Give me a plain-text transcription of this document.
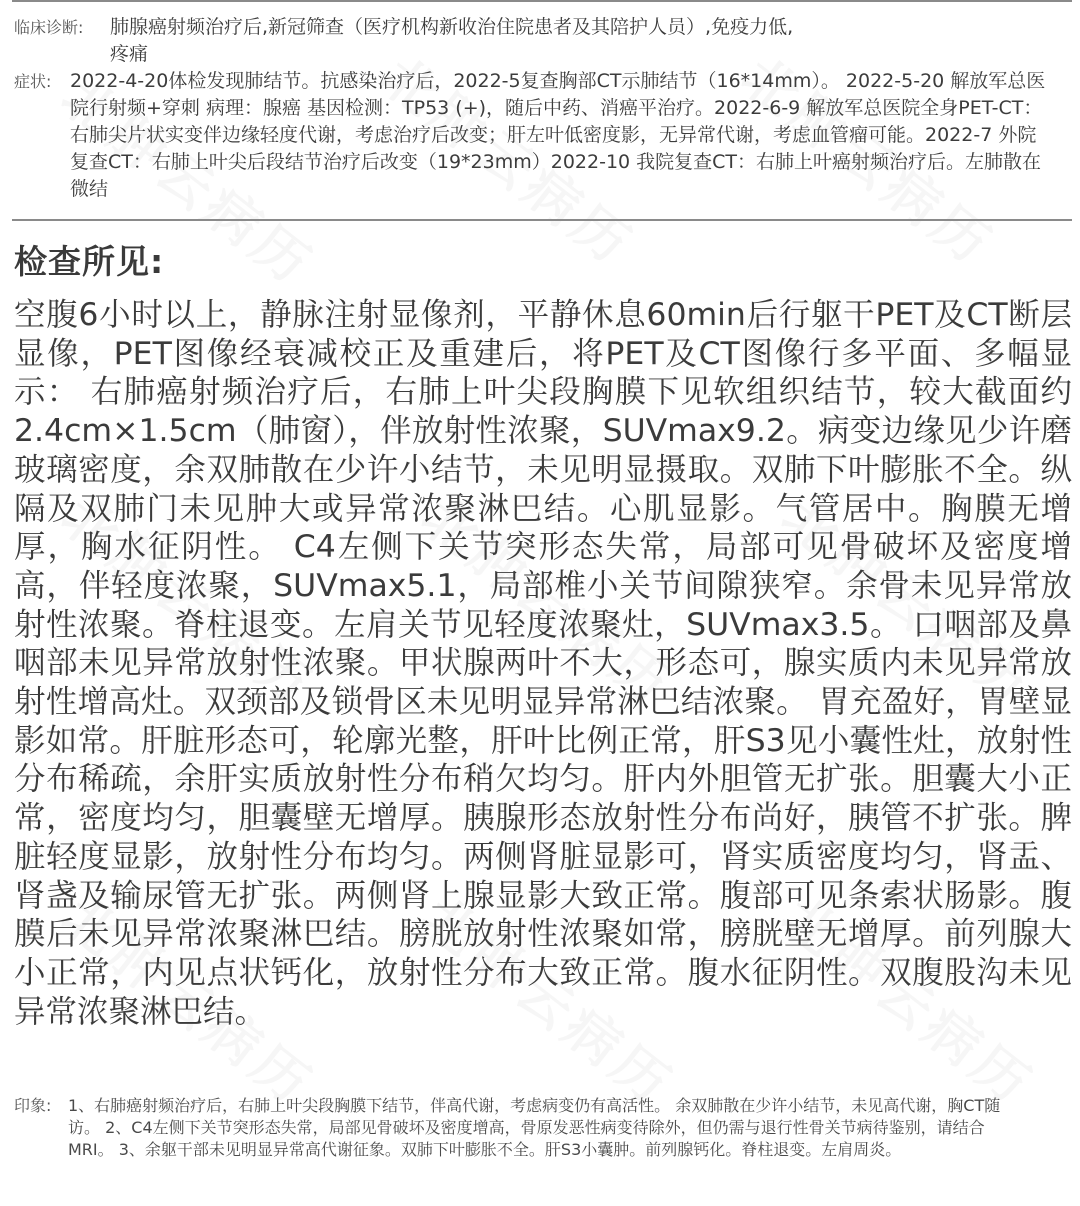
临床诊断:	肺腺癌射频治疗后,新冠筛查（医疗机构新收治住院患者及其陪护人员）,免疫力低,疼痛
症状: 2022-4-20体检发现肺结节。抗感染治疗后，2022-5复查胸部CT示肺结节（16*14mm）。 2022-5-20 解放军总医院行射频+穿刺 病理：腺癌 基因检测：TP53 (+)，随后中药、消癌平治疗。2022-6-9 解放军总医院全身PET-CT：右肺尖片状实变伴边缘轻度代谢，考虑治疗后改变；肝左叶低密度影，无异常代谢，考虑血管瘤可能。2022-7 外院复查CT：右肺上叶尖后段结节治疗后改变（19*23mm）2022-10 我院复查CT：右肺上叶癌射频治疗后。左肺散在微结
检查所见:
空腹6小时以上，静脉注射显像剂，平静休息60min后行躯干PET及CT断层显像，PET图像经衰减校正及重建后，将PET及CT图像行多平面、多幅显示： 右肺癌射频治疗后，右肺上叶尖段胸膜下见软组织结节，较大截面约2.4cm×1.5cm（肺窗），伴放射性浓聚，SUVmax9.2。病变边缘见少许磨玻璃密度，余双肺散在少许小结节，未见明显摄取。双肺下叶膨胀不全。纵隔及双肺门未见肿大或异常浓聚淋巴结。心肌显影。气管居中。胸膜无增厚，胸水征阴性。 C4左侧下关节突形态失常，局部可见骨破坏及密度增高，伴轻度浓聚，SUVmax5.1，局部椎小关节间隙狭窄。余骨未见异常放射性浓聚。脊柱退变。左肩关节见轻度浓聚灶，SUVmax3.5。 口咽部及鼻咽部未见异常放射性浓聚。甲状腺两叶不大，形态可，腺实质内未见异常放射性增高灶。双颈部及锁骨区未见明显异常淋巴结浓聚。 胃充盈好，胃壁显影如常。肝脏形态可，轮廓光整，肝叶比例正常，肝S3见小囊性灶，放射性分布稀疏，余肝实质放射性分布稍欠均匀。肝内外胆管无扩张。胆囊大小正常，密度均匀，胆囊壁无增厚。胰腺形态放射性分布尚好，胰管不扩张。脾脏轻度显影，放射性分布均匀。两侧肾脏显影可，肾实质密度均匀，肾盂、肾盏及输尿管无扩张。两侧肾上腺显影大致正常。腹部可见条索状肠影。腹膜后未见异常浓聚淋巴结。膀胱放射性浓聚如常，膀胱壁无增厚。前列腺大小正常，内见点状钙化，放射性分布大致正常。腹水征阴性。双腹股沟未见异常浓聚淋巴结。
印象:	1、右肺癌射频治疗后，右肺上叶尖段胸膜下结节，伴高代谢，考虑病变仍有高活性。 余双肺散在少许小结节，未见高代谢，胸CT随访。 2、C4左侧下关节突形态失常，局部见骨破坏及密度增高，骨原发恶性病变待除外，但仍需与退行性骨关节病待鉴别，请结合MRI。 3、余躯干部未见明显异常高代谢征象。双肺下叶膨胀不全。肝S3小囊肿。前列腺钙化。脊柱退变。左肩周炎。
